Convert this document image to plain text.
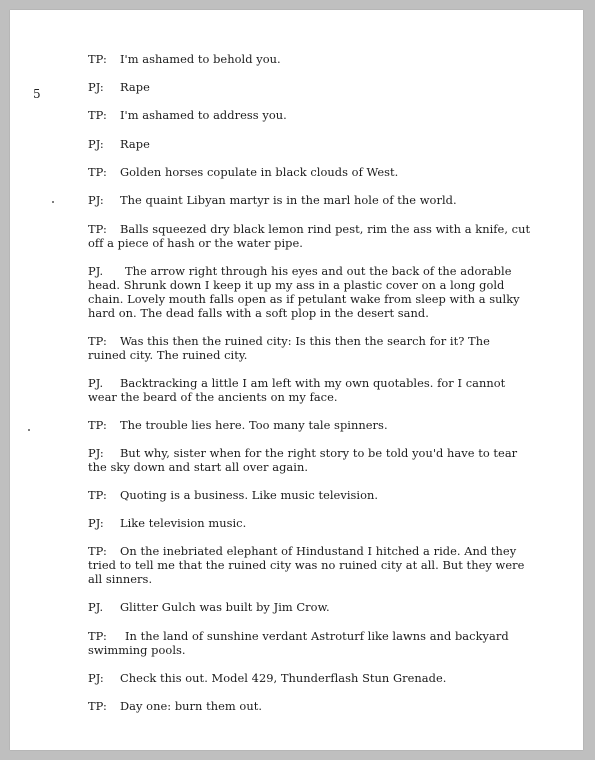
5
TP: I'm ashamed to behold you.
PJ: Rape
TP: I'm ashamed to address you.
PJ: Rape
TP: Golden horses copulate in black clouds of West.
PJ: The quaint Libyan martyr is in the marl hole of the world.
TP: Balls squeezed dry black lemon rind pest, rim the ass with a knife, cut
off a piece of hash or the water pipe.
PJ. The arrow right through his eyes and out the back of the adorable
head. Shrunk down I keep it up my ass in a plastic cover on a long gold
chain. Lovely mouth falls open as if petulant wake from sleep with a sulky
hard on. The dead falls with a soft plop in the desert sand.
TP: Was this then the ruined city: Is this then the search for it? The
ruined city. The ruined city.
PJ. Backtracking a little I am left with my own quotables. for I cannot
wear the beard of the ancients on my face.
TP: The trouble lies here. Too many tale spinners.
PJ: But why, sister when for the right story to be told you'd have to tear
the sky down and start all over again.
TP: Quoting is a business. Like music television.
PJ: Like television music.
TP: On the inebriated elephant of Hindustand I hitched a ride. And they
tried to tell me that the ruined city was no ruined city at all. But they were
all sinners.
PJ. Glitter Gulch was built by Jim Crow.
TP: In the land of sunshine verdant Astroturf like lawns and backyard
swimming pools.
PJ: Check this out. Model 429, Thunderflash Stun Grenade.
TP: Day one: burn them out.
